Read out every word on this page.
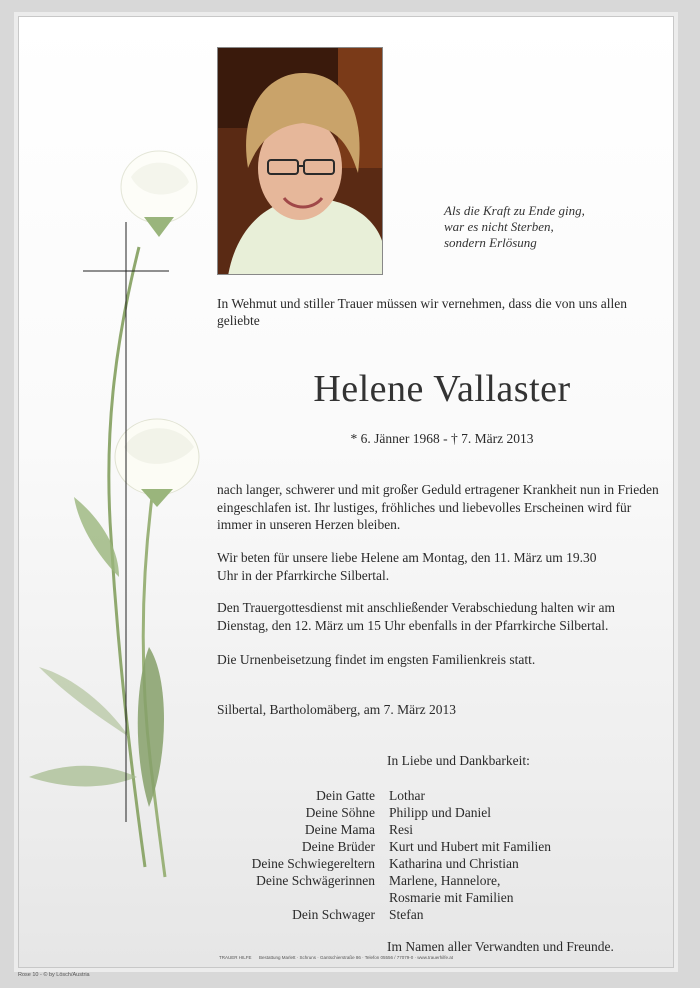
Als die Kraft zu Ende ging,
war es nicht Sterben,
sondern Erlösung
In Wehmut und stiller Trauer müssen wir vernehmen, dass die von uns allen geliebte
Helene Vallaster
* 6. Jänner 1968 - † 7. März 2013
nach langer, schwerer und mit großer Geduld ertragener Krankheit nun in Frieden eingeschlafen ist. Ihr lustiges, fröhliches und liebevolles Erscheinen wird für immer in unseren Herzen bleiben.
Wir beten für unsere liebe Helene am Montag, den 11. März um 19.30 Uhr in der Pfarrkirche Silbertal.
Den Trauergottesdienst mit anschließender Verabschiedung halten wir am Dienstag, den 12. März um 15 Uhr ebenfalls in der Pfarrkirche Silbertal.
Die Urnenbeisetzung findet im engsten Familienkreis statt.
Silbertal, Bartholomäberg, am 7. März 2013
In Liebe und Dankbarkeit:
Dein Gatte Lothar
Deine Söhne Philipp und Daniel
Deine Mama Resi
Deine Brüder Kurt und Hubert mit Familien
Deine Schwiegereltern Katharina und Christian
Deine Schwägerinnen Marlene, Hannelore,
Rosmarie mit Familien
Dein Schwager Stefan
Im Namen aller Verwandten und Freunde.
TRAUER HILFE Bestattung Marlett · Schruns · Gantschierstraße 86 · Telefon 05556 / 77079-0 · www.trauerhilfe.at
Rose 10 - © by Lösch/Austria
